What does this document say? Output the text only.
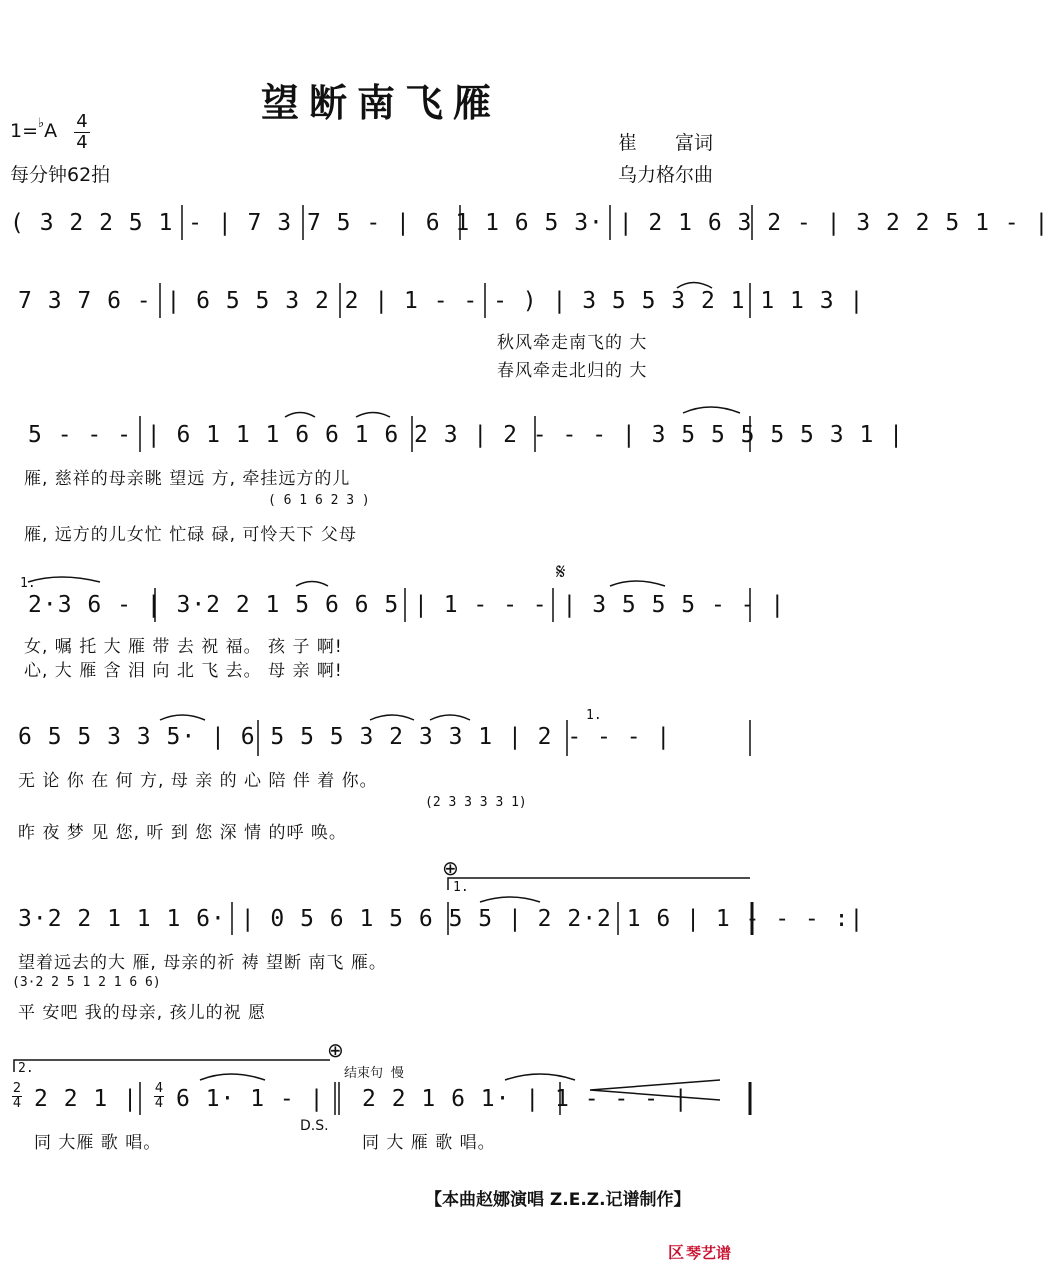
望断南飞雁
1=♭A 4
4
每分钟62拍
崔　　富词
乌力格尔曲
( 3 2 2 5 1 - | 7 3 7 5 - | 6 1 1 6 5 3· | 2 1 6 3 2 - | 3 2 2 5 1 - |
7 3 7 6 - | 6 5 5 3 2 2 | 1 - - - ) | 3 5 5 3 2 1 1 1 3 |
秋风牵走南飞的 大
春风牵走北归的 大
5 - - - | 6 1 1 1 6 6 1 6 2 3 | 2 - - - | 3 5 5 5 5 5 3 1 |
雁, 慈祥的母亲眺 望远 方, 牵挂远方的儿
( 6 1 6 2 3 )
雁, 远方的儿女忙 忙碌 碌, 可怜天下 父母
1.	𝄋
2·3 6 - | 3·2 2 1 5 6 6 5 | 1 - - - | 3 5 5 5 - - |
女, 嘱 托 大 雁 带 去 祝 福。 孩 子 啊!
心, 大 雁 含 泪 向 北 飞 去。 母 亲 啊!
1.
6 5 5 3 3 5· | 6 5 5 5 3 2 3 3 1 | 2 - - - |
无 论 你 在 何 方, 母 亲 的 心 陪 伴 着 你。
(2 3 3 3 3 1)
昨 夜 梦 见 您, 听 到 您 深 情 的呼 唤。
⊕
1.
3·2 2 1 1 1 6· | 0 5 6 1 5 6 5 5 | 2 2·2 1 6 | 1 - - - :|
望着远去的大 雁, 母亲的祈 祷 望断 南飞 雁。
(3·2 2 5 1 2 1 6 6)
平 安吧 我的母亲, 孩儿的祝 愿
2.
⊕
结束句 慢
2
4 2 2 1 | 4
4 6 1· 1 - | 2 2 1 6 1· | 1 - - - |
同 大雁 歌 唱。
D.S.
同 大 雁 歌 唱。
【本曲赵娜演唱 Z.E.Z.记谱制作】
区 琴艺谱
